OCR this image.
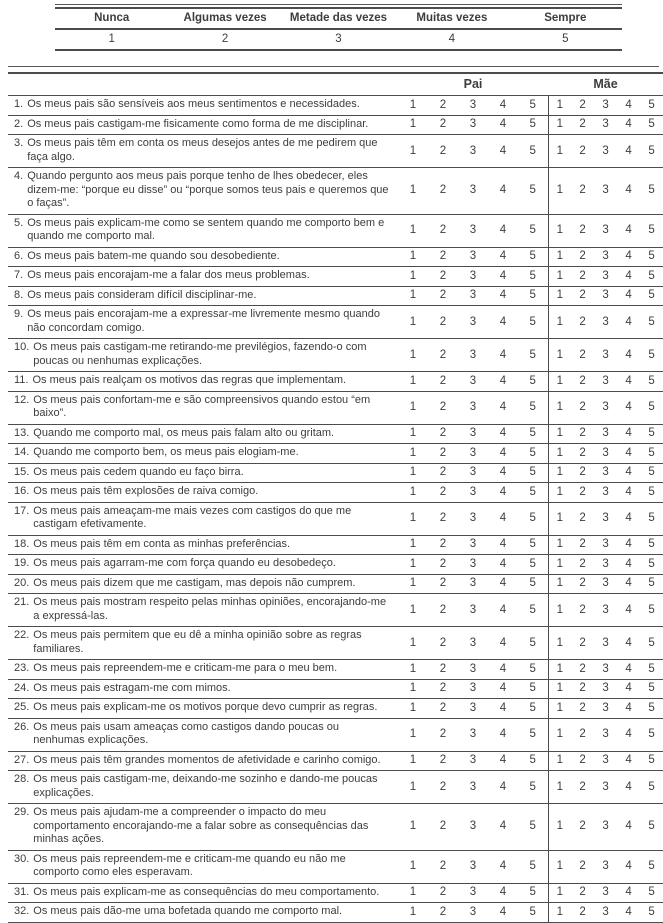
Nunca	Algumas vezes	Metade das vezes	Muitas vezes	Sempre
1	2	3	4	5
	Pai					Mãe				

1. Os meus pais são sensíveis aos meus sentimentos e necessidades.	1	2	3	4	5	1	2	3	4	5

2. Os meus pais castigam-me fisicamente como forma de me disciplinar.	1	2	3	4	5	1	2	3	4	5

3. Os meus pais têm em conta os meus desejos antes de me pedirem que faça algo.	1	2	3	4	5	1	2	3	4	5

4. Quando pergunto aos meus pais porque tenho de lhes obedecer, eles dizem-me: “porque eu disse” ou “porque somos teus pais e queremos que o faças”.	1	2	3	4	5	1	2	3	4	5

5. Os meus pais explicam-me como se sentem quando me comporto bem e quando me comporto mal.	1	2	3	4	5	1	2	3	4	5

6. Os meus pais batem-me quando sou desobediente.	1	2	3	4	5	1	2	3	4	5

7. Os meus pais encorajam-me a falar dos meus problemas.	1	2	3	4	5	1	2	3	4	5

8. Os meus pais consideram difícil disciplinar-me.	1	2	3	4	5	1	2	3	4	5

9. Os meus pais encorajam-me a expressar-me livremente mesmo quando não concordam comigo.	1	2	3	4	5	1	2	3	4	5

10. Os meus pais castigam-me retirando-me previlégios, fazendo-o com poucas ou nenhumas explicações.	1	2	3	4	5	1	2	3	4	5

11. Os meus pais realçam os motivos das regras que implementam.	1	2	3	4	5	1	2	3	4	5

12. Os meus pais confortam-me e são compreensivos quando estou “em baixo”.	1	2	3	4	5	1	2	3	4	5

13. Quando me comporto mal, os meus pais falam alto ou gritam.	1	2	3	4	5	1	2	3	4	5

14. Quando me comporto bem, os meus pais elogiam-me.	1	2	3	4	5	1	2	3	4	5

15. Os meus pais cedem quando eu faço birra.	1	2	3	4	5	1	2	3	4	5

16. Os meus pais têm explosões de raiva comigo.	1	2	3	4	5	1	2	3	4	5

17. Os meus pais ameaçam-me mais vezes com castigos do que me castigam efetivamente.	1	2	3	4	5	1	2	3	4	5

18. Os meus pais têm em conta as minhas preferências.	1	2	3	4	5	1	2	3	4	5

19. Os meus pais agarram-me com força quando eu desobedeço.	1	2	3	4	5	1	2	3	4	5

20. Os meus pais dizem que me castigam, mas depois não cumprem.	1	2	3	4	5	1	2	3	4	5

21. Os meus pais mostram respeito pelas minhas opiniões, encorajando-me a expressá-las.	1	2	3	4	5	1	2	3	4	5

22. Os meus pais permitem que eu dê a minha opinião sobre as regras familiares.	1	2	3	4	5	1	2	3	4	5

23. Os meus pais repreendem-me e criticam-me para o meu bem.	1	2	3	4	5	1	2	3	4	5

24. Os meus pais estragam-me com mimos.	1	2	3	4	5	1	2	3	4	5

25. Os meus pais explicam-me os motivos porque devo cumprir as regras.	1	2	3	4	5	1	2	3	4	5

26. Os meus pais usam ameaças como castigos dando poucas ou nenhumas explicações.	1	2	3	4	5	1	2	3	4	5

27. Os meus pais têm grandes momentos de afetividade e carinho comigo.	1	2	3	4	5	1	2	3	4	5

28. Os meus pais castigam-me, deixando-me sozinho e dando-me poucas explicações.	1	2	3	4	5	1	2	3	4	5

29. Os meus pais ajudam-me a compreender o impacto do meu comportamento encorajando-me a falar sobre as consequências das minhas ações.	1	2	3	4	5	1	2	3	4	5

30. Os meus pais repreendem-me e criticam-me quando eu não me comporto como eles esperavam.	1	2	3	4	5	1	2	3	4	5

31. Os meus pais explicam-me as consequências do meu comportamento.	1	2	3	4	5	1	2	3	4	5

32. Os meus pais dão-me uma bofetada quando me comporto mal.	1	2	3	4	5	1	2	3	4	5
